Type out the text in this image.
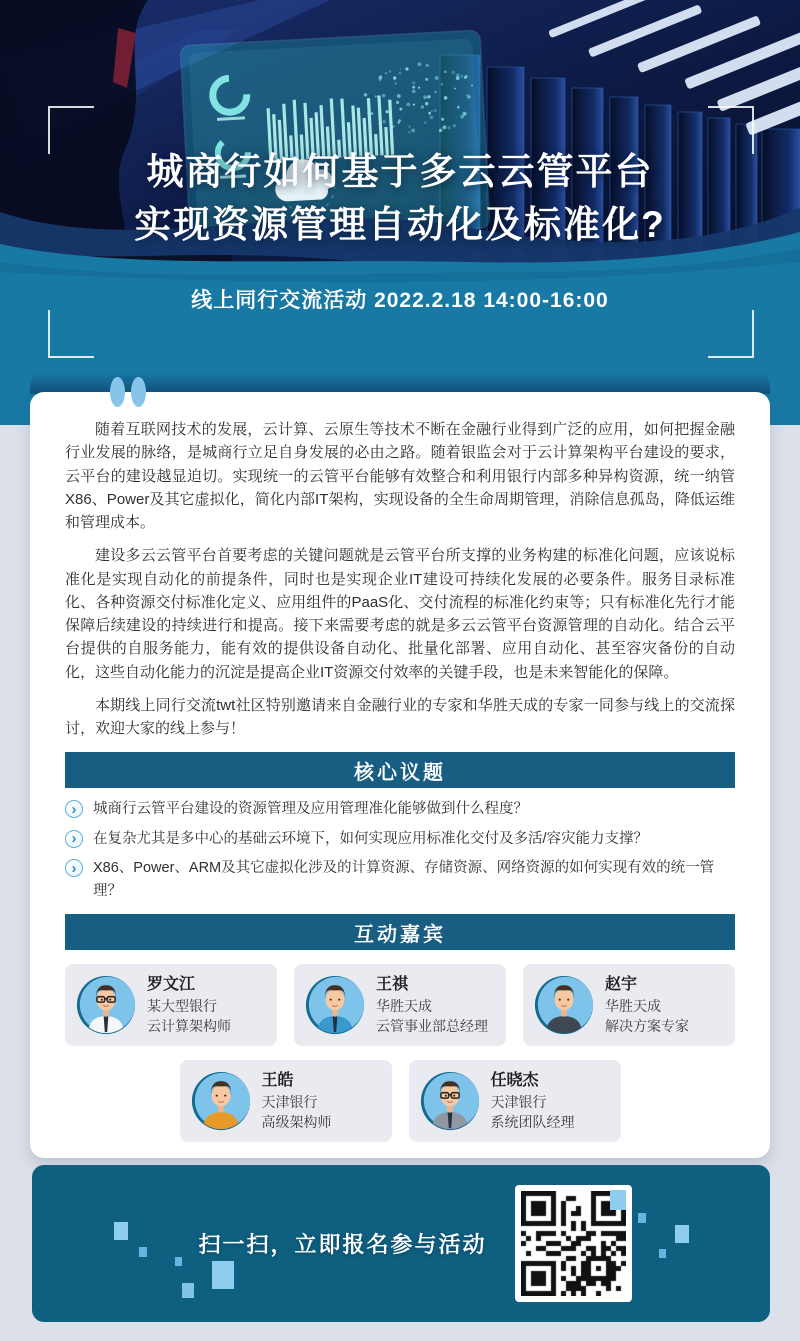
城商行如何基于多云云管平台
实现资源管理自动化及标准化?
线上同行交流活动 2022.2.18 14:00-16:00

随着互联网技术的发展，云计算、云原生等技术不断在金融行业得到广泛的应用，如何把握金融行业发展的脉络，是城商行立足自身发展的必由之路。随着银监会对于云计算架构平台建设的要求，云平台的建设越显迫切。实现统一的云管平台能够有效整合和利用银行内部多种异构资源，统一纳管X86、Power及其它虚拟化，简化内部IT架构，实现设备的全生命周期管理，消除信息孤岛，降低运维和管理成本。

建设多云云管平台首要考虑的关键问题就是云管平台所支撑的业务构建的标准化问题，应该说标准化是实现自动化的前提条件，同时也是实现企业IT建设可持续化发展的必要条件。服务目录标准化、各种资源交付标准化定义、应用组件的PaaS化、交付流程的标准化约束等；只有标准化先行才能保障后续建设的持续进行和提高。接下来需要考虑的就是多云云管平台资源管理的自动化。结合云平台提供的自服务能力，能有效的提供设备自动化、批量化部署、应用自动化、甚至容灾备份的自动化，这些自动化能力的沉淀是提高企业IT资源交付效率的关键手段，也是未来智能化的保障。

本期线上同行交流twt社区特别邀请来自金融行业的专家和华胜天成的专家一同参与线上的交流探讨，欢迎大家的线上参与！

核心议题
›	城商行云管平台建设的资源管理及应用管理准化能够做到什么程度？
›	在复杂尤其是多中心的基础云环境下，如何实现应用标准化交付及多活/容灾能力支撑？
›	X86、Power、ARM及其它虚拟化涉及的计算资源、存储资源、网络资源的如何实现有效的统一管理？
互动嘉宾
罗文江
某大型银行
云计算架构师
王祺
华胜天成
云管事业部总经理
赵宇
华胜天成
解决方案专家
王皓
天津银行
高级架构师
任晓杰
天津银行
系统团队经理
扫一扫，立即报名参与活动
